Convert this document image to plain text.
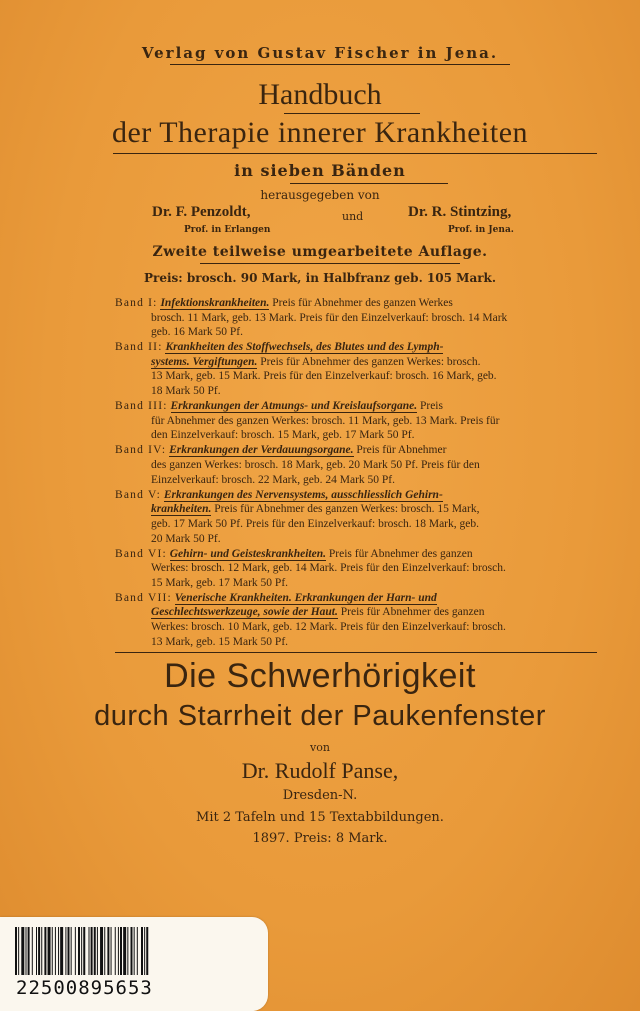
Verlag von Gustav Fischer in Jena.
Handbuch
der Therapie innerer Krankheiten
in sieben Bänden
herausgegeben von
Dr. F. Penzoldt,
Prof. in Erlangen
und	Dr. R. Stintzing,
Prof. in Jena.
Zweite teilweise umgearbeitete Auflage.
Preis: brosch. 90 Mark, in Halbfranz geb. 105 Mark.
Band I: Infektionskrankheiten. Preis für Abnehmer des ganzen Werkes
brosch. 11 Mark, geb. 13 Mark. Preis für den Einzelverkauf: brosch. 14 Mark
geb. 16 Mark 50 Pf.
Band II: Krankheiten des Stoffwechsels, des Blutes und des Lymph-
systems. Vergiftungen. Preis für Abnehmer des ganzen Werkes: brosch.
13 Mark, geb. 15 Mark. Preis für den Einzelverkauf: brosch. 16 Mark, geb.
18 Mark 50 Pf.
Band III: Erkrankungen der Atmungs- und Kreislaufsorgane. Preis
für Abnehmer des ganzen Werkes: brosch. 11 Mark, geb. 13 Mark. Preis für
den Einzelverkauf: brosch. 15 Mark, geb. 17 Mark 50 Pf.
Band IV: Erkrankungen der Verdauungsorgane. Preis für Abnehmer
des ganzen Werkes: brosch. 18 Mark, geb. 20 Mark 50 Pf. Preis für den
Einzelverkauf: brosch. 22 Mark, geb. 24 Mark 50 Pf.
Band V: Erkrankungen des Nervensystems, ausschliesslich Gehirn-
krankheiten. Preis für Abnehmer des ganzen Werkes: brosch. 15 Mark,
geb. 17 Mark 50 Pf. Preis für den Einzelverkauf: brosch. 18 Mark, geb.
20 Mark 50 Pf.
Band VI: Gehirn- und Geisteskrankheiten. Preis für Abnehmer des ganzen
Werkes: brosch. 12 Mark, geb. 14 Mark. Preis für den Einzelverkauf: brosch.
15 Mark, geb. 17 Mark 50 Pf.
Band VII: Venerische Krankheiten. Erkrankungen der Harn- und
Geschlechtswerkzeuge, sowie der Haut. Preis für Abnehmer des ganzen
Werkes: brosch. 10 Mark, geb. 12 Mark. Preis für den Einzelverkauf: brosch.
13 Mark, geb. 15 Mark 50 Pf.
Die Schwerhörigkeit
durch Starrheit der Paukenfenster
von
Dr. Rudolf Panse,
Dresden-N.
Mit 2 Tafeln und 15 Textabbildungen.
1897. Preis: 8 Mark.
22500895653
